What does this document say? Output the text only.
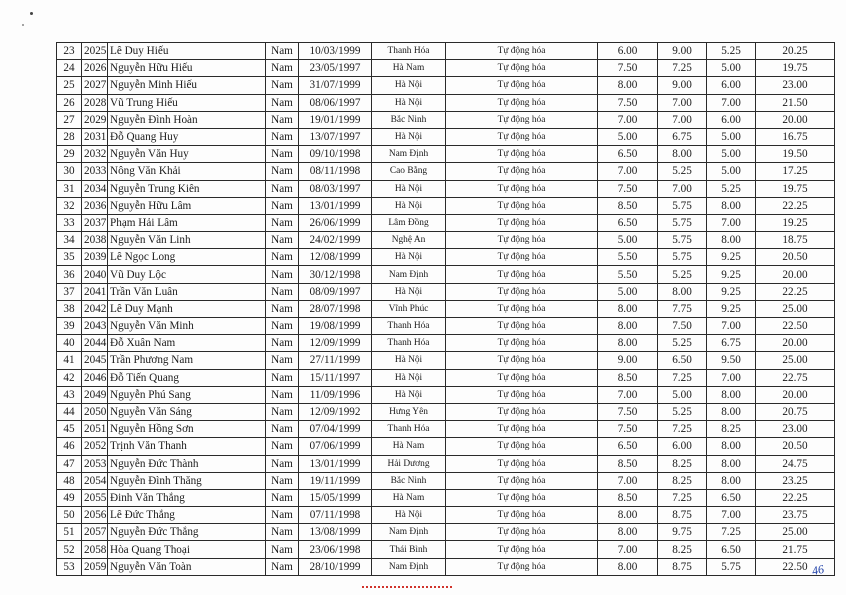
23	2025	Lê Duy Hiếu	Nam	10/03/1999	Thanh Hóa	Tự động hóa	6.00	9.00	5.25	20.25
24	2026	Nguyễn Hữu Hiếu	Nam	23/05/1997	Hà Nam	Tự động hóa	7.50	7.25	5.00	19.75
25	2027	Nguyễn Minh Hiếu	Nam	31/07/1999	Hà Nội	Tự động hóa	8.00	9.00	6.00	23.00
26	2028	Vũ Trung Hiếu	Nam	08/06/1997	Hà Nội	Tự động hóa	7.50	7.00	7.00	21.50
27	2029	Nguyễn Đình Hoàn	Nam	19/01/1999	Bắc Ninh	Tự động hóa	7.00	7.00	6.00	20.00
28	2031	Đỗ Quang Huy	Nam	13/07/1997	Hà Nội	Tự động hóa	5.00	6.75	5.00	16.75
29	2032	Nguyễn Văn Huy	Nam	09/10/1998	Nam Định	Tự động hóa	6.50	8.00	5.00	19.50
30	2033	Nông Văn Khải	Nam	08/11/1998	Cao Bằng	Tự động hóa	7.00	5.25	5.00	17.25
31	2034	Nguyễn Trung Kiên	Nam	08/03/1997	Hà Nội	Tự động hóa	7.50	7.00	5.25	19.75
32	2036	Nguyễn Hữu Lâm	Nam	13/01/1999	Hà Nội	Tự động hóa	8.50	5.75	8.00	22.25
33	2037	Phạm Hải Lâm	Nam	26/06/1999	Lâm Đồng	Tự động hóa	6.50	5.75	7.00	19.25
34	2038	Nguyễn Văn Linh	Nam	24/02/1999	Nghệ An	Tự động hóa	5.00	5.75	8.00	18.75
35	2039	Lê Ngọc Long	Nam	12/08/1999	Hà Nội	Tự động hóa	5.50	5.75	9.25	20.50
36	2040	Vũ Duy Lộc	Nam	30/12/1998	Nam Định	Tự động hóa	5.50	5.25	9.25	20.00
37	2041	Trần Văn Luân	Nam	08/09/1997	Hà Nội	Tự động hóa	5.00	8.00	9.25	22.25
38	2042	Lê Duy Mạnh	Nam	28/07/1998	Vĩnh Phúc	Tự động hóa	8.00	7.75	9.25	25.00
39	2043	Nguyễn Văn Minh	Nam	19/08/1999	Thanh Hóa	Tự động hóa	8.00	7.50	7.00	22.50
40	2044	Đỗ Xuân Nam	Nam	12/09/1999	Thanh Hóa	Tự động hóa	8.00	5.25	6.75	20.00
41	2045	Trần Phương Nam	Nam	27/11/1999	Hà Nội	Tự động hóa	9.00	6.50	9.50	25.00
42	2046	Đỗ Tiến Quang	Nam	15/11/1997	Hà Nội	Tự động hóa	8.50	7.25	7.00	22.75
43	2049	Nguyễn Phú Sang	Nam	11/09/1996	Hà Nội	Tự động hóa	7.00	5.00	8.00	20.00
44	2050	Nguyễn Văn Sáng	Nam	12/09/1992	Hưng Yên	Tự động hóa	7.50	5.25	8.00	20.75
45	2051	Nguyễn Hồng Sơn	Nam	07/04/1999	Thanh Hóa	Tự động hóa	7.50	7.25	8.25	23.00
46	2052	Trịnh Văn Thanh	Nam	07/06/1999	Hà Nam	Tự động hóa	6.50	6.00	8.00	20.50
47	2053	Nguyễn Đức Thành	Nam	13/01/1999	Hải Dương	Tự động hóa	8.50	8.25	8.00	24.75
48	2054	Nguyễn Đình Thăng	Nam	19/11/1999	Bắc Ninh	Tự động hóa	7.00	8.25	8.00	23.25
49	2055	Đinh Văn Thắng	Nam	15/05/1999	Hà Nam	Tự động hóa	8.50	7.25	6.50	22.25
50	2056	Lê Đức Thắng	Nam	07/11/1998	Hà Nội	Tự động hóa	8.00	8.75	7.00	23.75
51	2057	Nguyễn Đức Thắng	Nam	13/08/1999	Nam Định	Tự động hóa	8.00	9.75	7.25	25.00
52	2058	Hòa Quang Thoại	Nam	23/06/1998	Thái Bình	Tự động hóa	7.00	8.25	6.50	21.75
53	2059	Nguyễn Văn Toàn	Nam	28/10/1999	Nam Định	Tự động hóa	8.00	8.75	5.75	22.50 46
